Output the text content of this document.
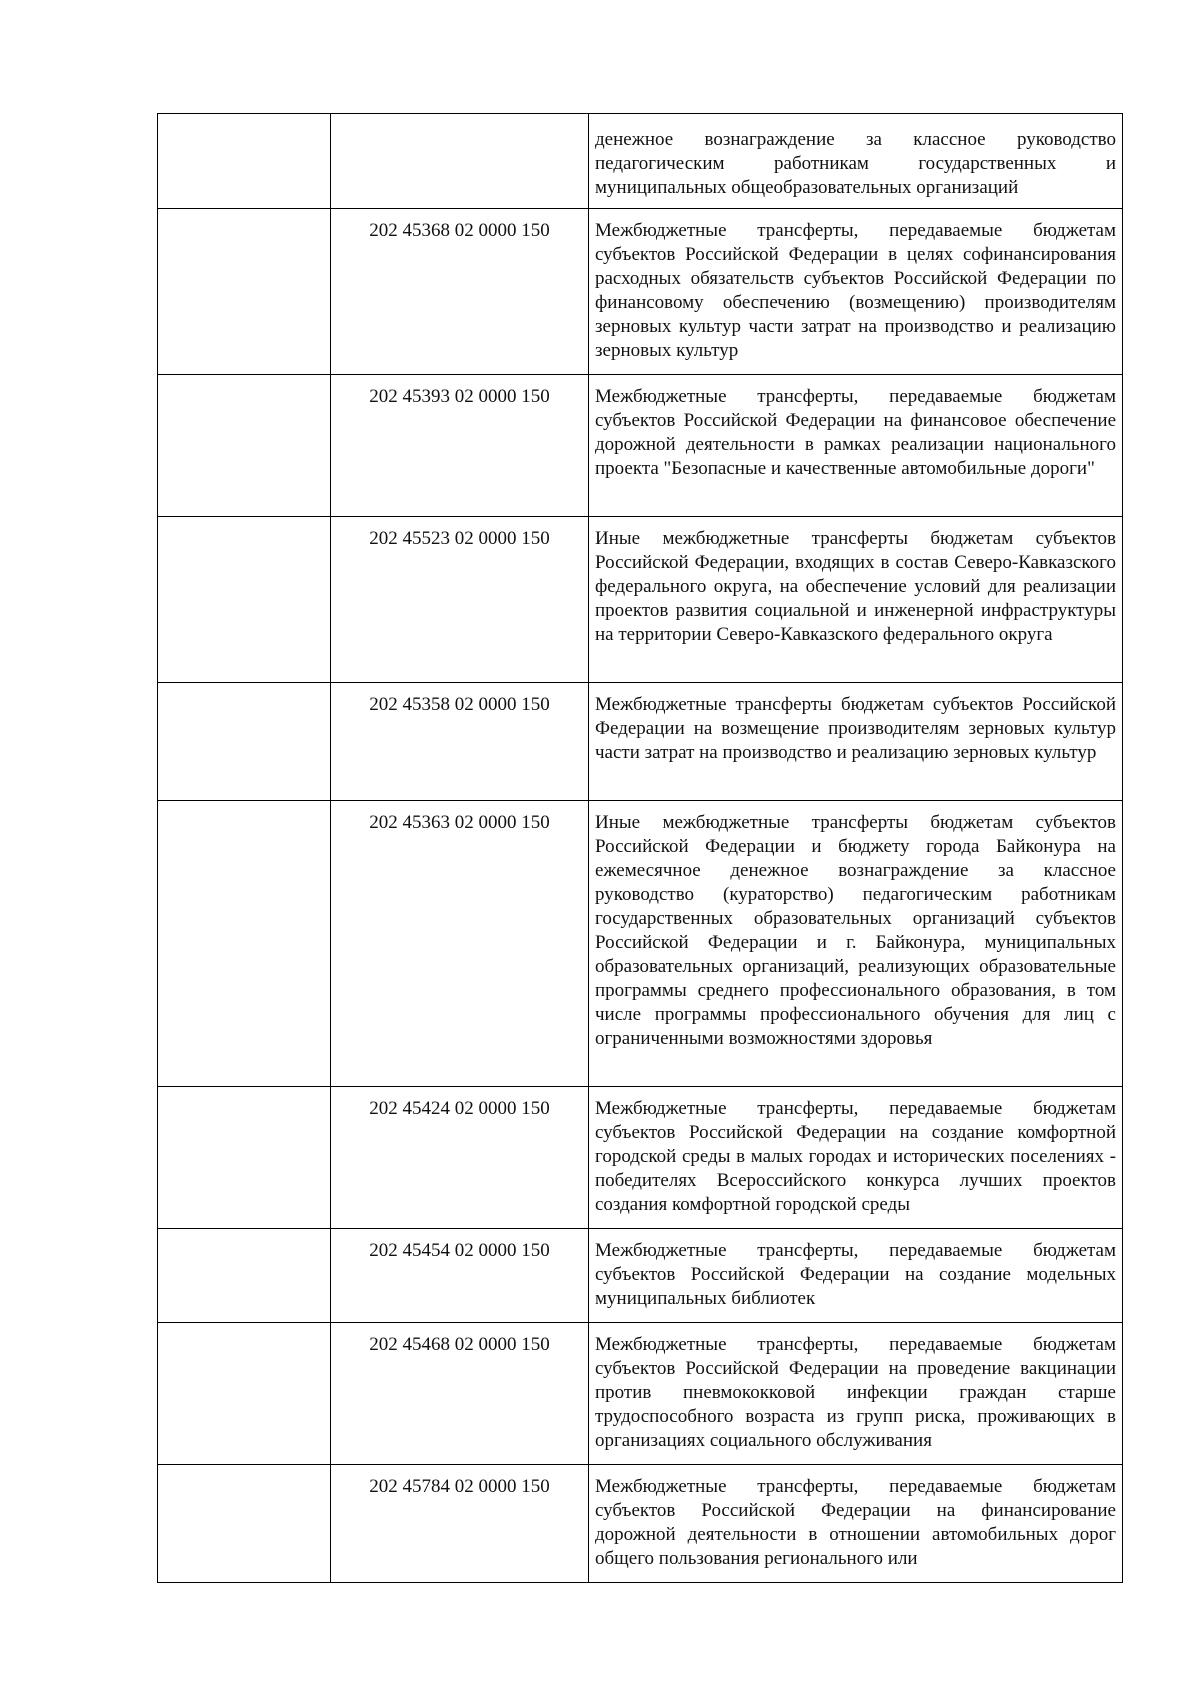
		денежное вознаграждение за классное руководство педагогическим работникам государственных и муниципальных общеобразовательных организаций

	202 45368 02 0000 150	Межбюджетные трансферты, передаваемые бюджетам субъектов Российской Федерации в целях софинансирования расходных обязательств субъектов Российской Федерации по финансовому обеспечению (возмещению) производителям зерновых культур части затрат на производство и реализацию зерновых культур

	202 45393 02 0000 150	Межбюджетные трансферты, передаваемые бюджетам субъектов Российской Федерации на финансовое обеспечение дорожной деятельности в рамках реализации национального проекта "Безопасные и качественные автомобильные дороги"

	202 45523 02 0000 150	Иные межбюджетные трансферты бюджетам субъектов Российской Федерации, входящих в состав Северо-Кавказского федерального округа, на обеспечение условий для реализации проектов развития социальной и инженерной инфраструктуры на территории Северо-Кавказского федерального округа

	202 45358 02 0000 150	Межбюджетные трансферты бюджетам субъектов Российской Федерации на возмещение производителям зерновых культур части затрат на производство и реализацию зерновых культур

	202 45363 02 0000 150	Иные межбюджетные трансферты бюджетам субъектов Российской Федерации и бюджету города Байконура на ежемесячное денежное вознаграждение за классное руководство (кураторство) педагогическим работникам государственных образовательных организаций субъектов Российской Федерации и г. Байконура, муниципальных образовательных организаций, реализующих образовательные программы среднего профессионального образования, в том числе программы профессионального обучения для лиц с ограниченными возможностями здоровья

	202 45424 02 0000 150	Межбюджетные трансферты, передаваемые бюджетам субъектов Российской Федерации на создание комфортной городской среды в малых городах и исторических поселениях - победителях Всероссийского конкурса лучших проектов создания комфортной городской среды

	202 45454 02 0000 150	Межбюджетные трансферты, передаваемые бюджетам субъектов Российской Федерации на создание модельных муниципальных библиотек

	202 45468 02 0000 150	Межбюджетные трансферты, передаваемые бюджетам субъектов Российской Федерации на проведение вакцинации против пневмококковой инфекции граждан старше трудоспособного возраста из групп риска, проживающих в организациях социального обслуживания

	202 45784 02 0000 150	Межбюджетные трансферты, передаваемые бюджетам субъектов Российской Федерации на финансирование дорожной деятельности в отношении автомобильных дорог общего пользования регионального или
